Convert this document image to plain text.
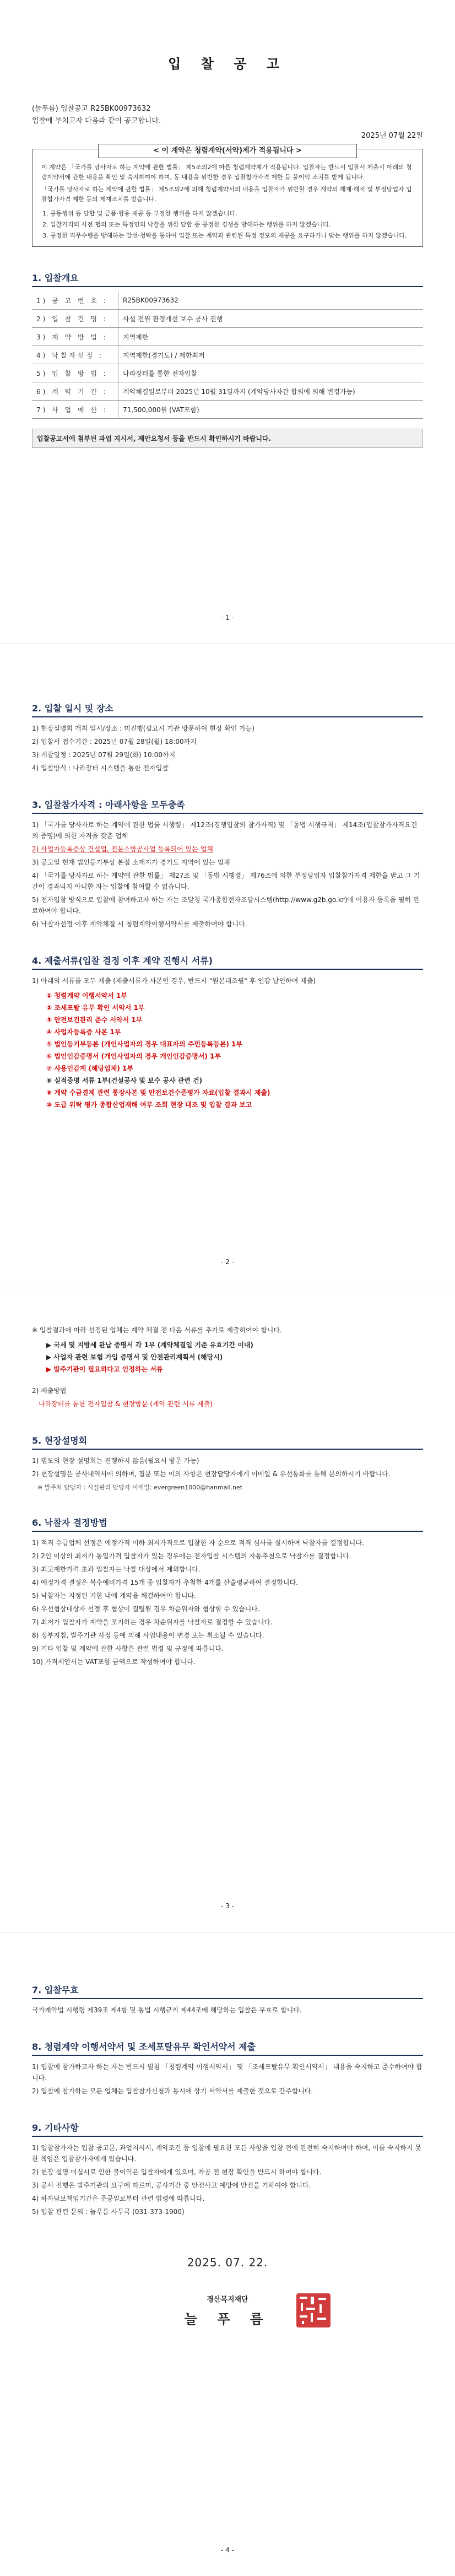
입 찰 공 고
(늘푸름) 입찰공고 R25BK00973632
입찰에 부치고자 다음과 같이 공고합니다.
2025년 07월 22일
< 이 계약은 청렴계약(서약)제가 적용됩니다 >

이 계약은 「국가를 당사자로 하는 계약에 관한 법률」 제5조의2에 따른 청렴계약제가 적용됩니다. 입찰자는 반드시 입찰서 제출시 아래의 청렴계약서에 관한 내용을 확인 및 숙지하여야 하며, 동 내용을 위반한 경우 입찰참가자격 제한 등 불이익 조치를 받게 됩니다.

「국가를 당사자로 하는 계약에 관한 법률」 제5조의2에 의해 청렴계약서의 내용을 입찰자가 위반할 경우 계약의 해제·해지 및 부정당업자 입찰참가자격 제한 등의 제재조치를 받습니다.

1. 공동행위 등 담합 및 금품·향응 제공 등 부정한 행위를 하지 않겠습니다.
2. 입찰가격의 사전 협의 또는 특정인의 낙찰을 위한 담합 등 공정한 경쟁을 방해하는 행위를 하지 않겠습니다.
3. 공정한 직무수행을 방해하는 알선·청탁을 통하여 입찰 또는 계약과 관련된 특정 정보의 제공을 요구하거나 받는 행위를 하지 않겠습니다.
1. 입찰개요
1) 공 고 번 호 :	R25BK00973632
2) 입 찰 건 명 :	사설 전원 환경개선 보수 공사 진행
3) 계 약 방 법 :	지역제한
4) 낙찰자선정 :	지역제한(경기도) / 제한최저
5) 입 찰 방 법 :	나라장터를 통한 전자입찰
6) 계 약 기 간 :	계약체결일로부터 2025년 10월 31일까지 (계약당사자간 합의에 의해 변경가능)
7) 사 업 예 산 :	71,500,000원 (VAT포함)
입찰공고서에 첨부된 과업 지시서, 제안요청서 등을 반드시 확인하시기 바랍니다.
- 1 -
2. 입찰 일시 및 장소
1) 현장설명회 개최 일시/장소 : 미진행(필요시 기관 방문하여 현장 확인 가능)
2) 입찰서 접수기간 : 2025년 07월 28일(월) 18:00까지
3) 개찰일정 : 2025년 07월 29일(화) 10:00까지
4) 입찰방식 : 나라장터 시스템을 통한 전자입찰
3. 입찰참가자격 : 아래사항을 모두충족
1) 「국가를 당사자로 하는 계약에 관한 법률 시행령」 제12조(경쟁입찰의 참가자격) 및 「동법 시행규칙」 제14조(입찰참가자격요건의 증명)에 의한 자격을 갖춘 업체
2) 사업자등록증상 건설업, 전문소방공사업 등록되어 있는 업체
3) 공고일 현재 법인등기부상 본점 소재지가 경기도 지역에 있는 업체
4) 「국가를 당사자로 하는 계약에 관한 법률」 제27조 및 「동법 시행령」 제76조에 의한 부정당업자 입찰참가자격 제한을 받고 그 기간이 경과되지 아니한 자는 입찰에 참여할 수 없습니다.
5) 전자입찰 방식으로 입찰에 참여하고자 하는 자는 조달청 국가종합전자조달시스템(http://www.g2b.go.kr)에 이용자 등록을 필히 완료하여야 합니다.
6) 낙찰자선정 이후 계약체결 시 청렴계약이행서약서를 제출하여야 합니다.
4. 제출서류(입찰 결정 이후 계약 진행시 서류)
1) 아래의 서류를 모두 제출 (제출서류가 사본인 경우, 반드시 "원본대조필" 후 인감 날인하여 제출)
① 청렴계약 이행서약서 1부
② 조세포탈 유무 확인 서약서 1부
③ 안전보건관리 준수 서약서 1부
④ 사업자등록증 사본 1부
⑤ 법인등기부등본 (개인사업자의 경우 대표자의 주민등록등본) 1부
⑥ 법인인감증명서 (개인사업자의 경우 개인인감증명서) 1부
⑦ 사용인감계 (해당업체) 1부
⑧ 실적증명 서류 1부(건설공사 및 보수 공사 관련 건)
⑨ 계약 수금결제 관련 통장사본 및 안전보건수준평가 자료(입찰 결과시 제출)
⑩ 도급 위탁 평가 종합산업재해 여부 조회 현장 대조 및 입찰 결과 보고
- 2 -
※ 입찰결과에 따라 선정된 업체는 계약 체결 전 다음 서류를 추가로 제출하여야 합니다.
▶ 국세 및 지방세 완납 증명서 각 1부 (계약체결일 기준 유효기간 이내)
▶ 사업자 관련 보험 가입 증명서 및 안전관리계획서 (해당시)
▶ 발주기관이 필요하다고 인정하는 서류
2) 제출방법
나라장터를 통한 전자입찰 & 현장방문 (계약 관련 서류 제출)
5. 현장설명회
1) 별도의 현장 설명회는 진행하지 않음(필요시 방문 가능)
2) 현장설명은 공사내역서에 의하며, 질문 또는 이의 사항은 현장담당자에게 이메일 & 유선통화를 통해 문의하시기 바랍니다.
※ 발주처 담당자 : 시설관리 담당자 이메일: evergreen1000@hanmail.net
6. 낙찰자 결정방법
1) 적격 수급업체 선정은 예정가격 이하 최저가격으로 입찰한 자 순으로 적격 심사를 실시하여 낙찰자를 결정합니다.
2) 2인 이상의 최저가 동일가격 입찰자가 있는 경우에는 전자입찰 시스템의 자동추첨으로 낙찰자를 결정합니다.
3) 최고제한가격 초과 입찰자는 낙찰 대상에서 제외합니다.
4) 예정가격 결정은 복수예비가격 15개 중 입찰자가 추첨한 4개를 산술평균하여 결정합니다.
5) 낙찰자는 지정된 기한 내에 계약을 체결하여야 합니다.
6) 우선협상대상자 선정 후 협상이 결렬될 경우 차순위자와 협상할 수 있습니다.
7) 최저가 입찰자가 계약을 포기하는 경우 차순위자를 낙찰자로 결정할 수 있습니다.
8) 정부지침, 발주기관 사정 등에 의해 사업내용이 변경 또는 취소될 수 있습니다.
9) 기타 입찰 및 계약에 관한 사항은 관련 법령 및 규정에 따릅니다.
10) 가격제안서는 VAT포함 금액으로 작성하여야 합니다.
- 3 -
7. 입찰무효
국가계약법 시행령 제39조 제4항 및 동법 시행규칙 제44조에 해당하는 입찰은 무효로 합니다.
8. 청렴계약 이행서약서 및 조세포탈유무 확인서약서 제출
1) 입찰에 참가하고자 하는 자는 반드시 별첨 「청렴계약 이행서약서」 및 「조세포탈유무 확인서약서」 내용을 숙지하고 준수하여야 합니다.
2) 입찰에 참가하는 모든 업체는 입찰참가신청과 동시에 상기 서약서를 제출한 것으로 간주합니다.
9. 기타사항
1) 입찰참가자는 입찰 공고문, 과업지시서, 계약조건 등 입찰에 필요한 모든 사항을 입찰 전에 완전히 숙지하여야 하며, 이를 숙지하지 못한 책임은 입찰참가자에게 있습니다.
2) 현장 설명 미실시로 인한 불이익은 입찰자에게 있으며, 착공 전 현장 확인을 반드시 하여야 합니다.
3) 공사 진행은 발주기관의 요구에 따르며, 공사기간 중 안전사고 예방에 만전을 기하여야 합니다.
4) 하자담보책임기간은 준공일로부터 관련 법령에 따릅니다.
5) 입찰 관련 문의 : 늘푸름 사무국 (031-373-1900)
2025. 07. 22.
경산복지재단
늘 푸 름
- 4 -
